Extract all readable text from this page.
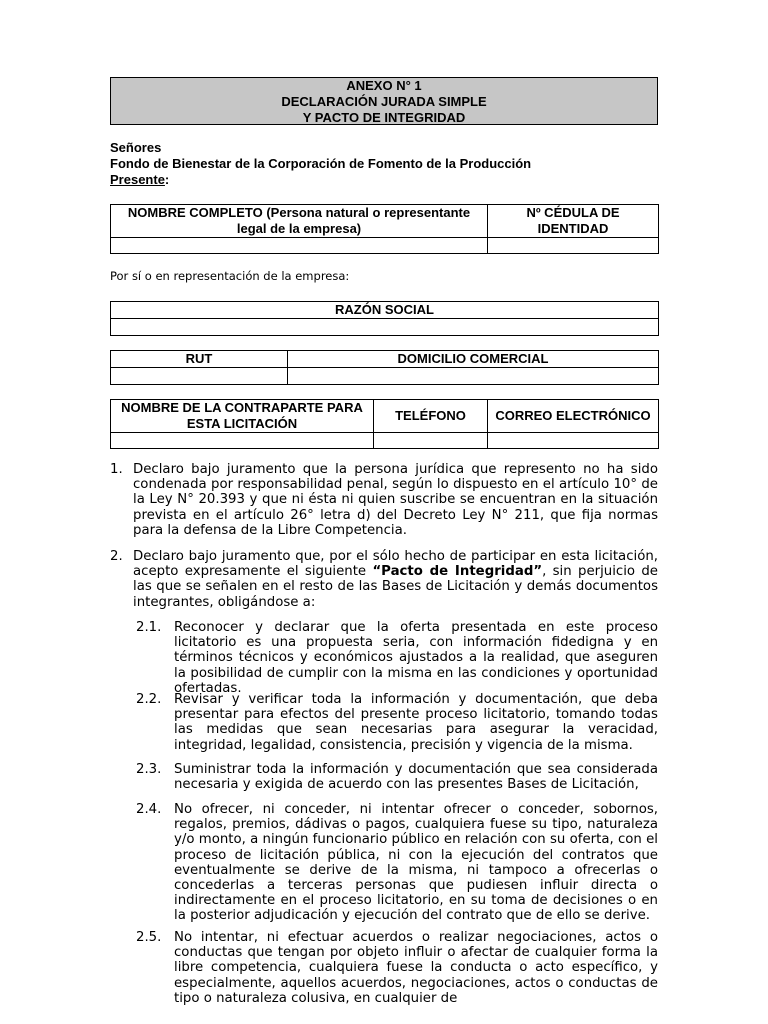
ANEXO N° 1
DECLARACIÓN JURADA SIMPLE
Y PACTO DE INTEGRIDAD
Señores
Fondo de Bienestar de la Corporación de Fomento de la Producción
Presente:
NOMBRE COMPLETO (Persona natural o representante legal de la empresa)	Nº CÉDULA DE IDENTIDAD

Por sí o en representación de la empresa:
RAZÓN SOCIAL

RUT	DOMICILIO COMERCIAL

NOMBRE DE LA CONTRAPARTE PARA ESTA LICITACIÓN	TELÉFONO	CORREO ELECTRÓNICO

1. Declaro bajo juramento que la persona jurídica que represento no ha sido condenada por responsabilidad penal, según lo dispuesto en el artículo 10° de la Ley N° 20.393 y que ni ésta ni quien suscribe se encuentran en la situación prevista en el artículo 26° letra d) del Decreto Ley N° 211, que fija normas para la defensa de la Libre Competencia.
2. Declaro bajo juramento que, por el sólo hecho de participar en esta licitación, acepto expresamente el siguiente “Pacto de Integridad”, sin perjuicio de las que se señalen en el resto de las Bases de Licitación y demás documentos integrantes, obligándose a:
2.1. Reconocer y declarar que la oferta presentada en este proceso licitatorio es una propuesta seria, con información fidedigna y en términos técnicos y económicos ajustados a la realidad, que aseguren la posibilidad de cumplir con la misma en las condiciones y oportunidad ofertadas.
2.2. Revisar y verificar toda la información y documentación, que deba presentar para efectos del presente proceso licitatorio, tomando todas las medidas que sean necesarias para asegurar la veracidad, integridad, legalidad, consistencia, precisión y vigencia de la misma.
2.3. Suministrar toda la información y documentación que sea considerada necesaria y exigida de acuerdo con las presentes Bases de Licitación,
2.4. No ofrecer, ni conceder, ni intentar ofrecer o conceder, sobornos, regalos, premios, dádivas o pagos, cualquiera fuese su tipo, naturaleza y/o monto, a ningún funcionario público en relación con su oferta, con el proceso de licitación pública, ni con la ejecución del contratos que eventualmente se derive de la misma, ni tampoco a ofrecerlas o concederlas a terceras personas que pudiesen influir directa o indirectamente en el proceso licitatorio, en su toma de decisiones o en la posterior adjudicación y ejecución del contrato que de ello se derive.
2.5. No intentar, ni efectuar acuerdos o realizar negociaciones, actos o conductas que tengan por objeto influir o afectar de cualquier forma la libre competencia, cualquiera fuese la conducta o acto específico, y especialmente, aquellos acuerdos, negociaciones, actos o conductas de tipo o naturaleza colusiva, en cualquier de
